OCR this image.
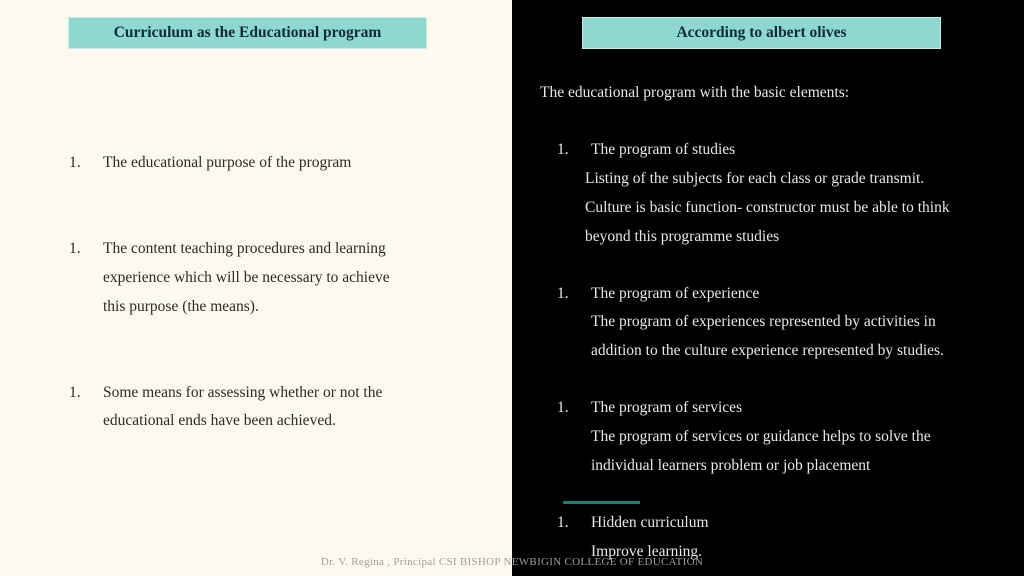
Curriculum as the Educational program	According to albert olives
1. The educational purpose of the program
1. The content teaching procedures and learning
experience which will be necessary to achieve
this purpose (the means).
1. Some means for assessing whether or not the
educational ends have been achieved.
The educational program with the basic elements:
1. The program of studies
Listing of the subjects for each class or grade transmit.
Culture is basic function- constructor must be able to think
beyond this programme studies
1. The program of experience
The program of experiences represented by activities in
addition to the culture experience represented by studies.
1. The program of services
The program of services or guidance helps to solve the
individual learners problem or job placement
1. Hidden curriculum
Improve learning.
Dr. V. Regina , Principal CSI BISHOP NEWBIGIN COLLEGE OF EDUCATION
